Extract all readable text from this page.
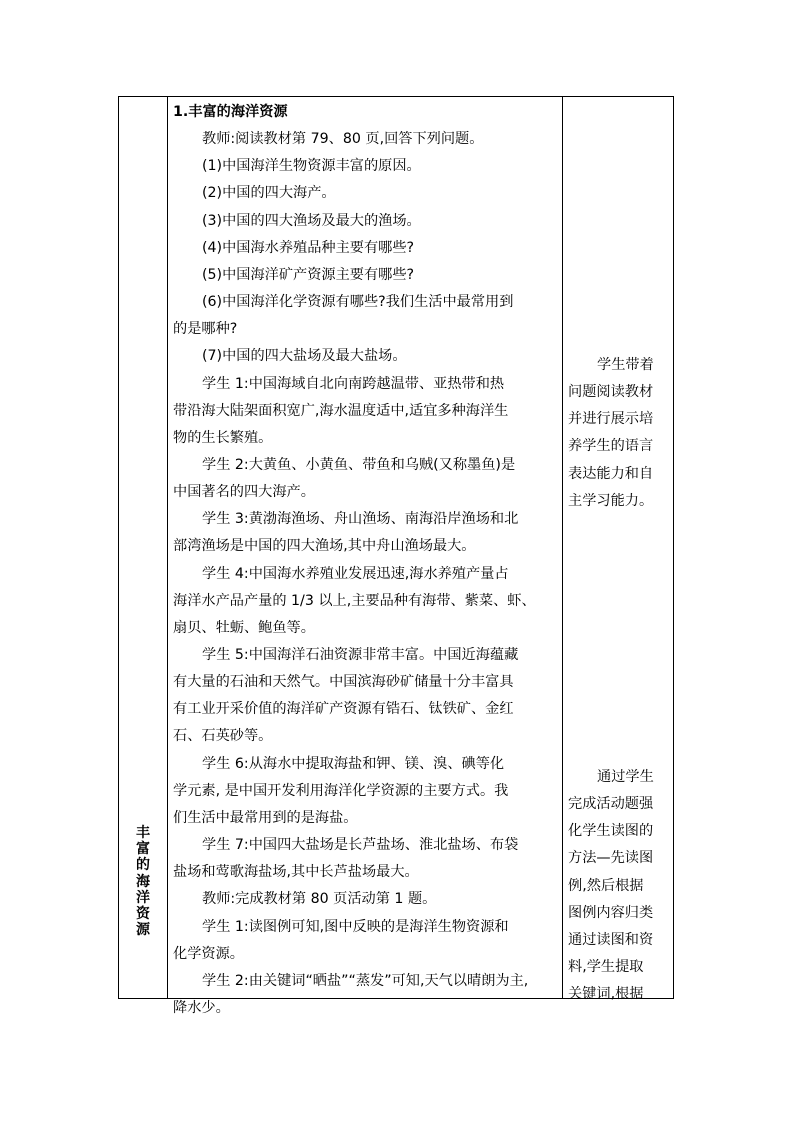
丰
富
的
海
洋
资
源
1.丰富的海洋资源
教师:阅读教材第 79、80 页,回答下列问题。
(1)中国海洋生物资源丰富的原因。
(2)中国的四大海产。
(3)中国的四大渔场及最大的渔场。
(4)中国海水养殖品种主要有哪些?
(5)中国海洋矿产资源主要有哪些?
(6)中国海洋化学资源有哪些?我们生活中最常用到
的是哪种?
(7)中国的四大盐场及最大盐场。
学生 1:中国海域自北向南跨越温带、亚热带和热
带沿海大陆架面积宽广,海水温度适中,适宜多种海洋生
物的生长繁殖。
学生 2:大黄鱼、小黄鱼、带鱼和乌贼(又称墨鱼)是
中国著名的四大海产。
学生 3:黄渤海渔场、舟山渔场、南海沿岸渔场和北
部湾渔场是中国的四大渔场,其中舟山渔场最大。
学生 4:中国海水养殖业发展迅速,海水养殖产量占
海洋水产品产量的 1/3 以上,主要品种有海带、紫菜、虾、
扇贝、牡蛎、鲍鱼等。
学生 5:中国海洋石油资源非常丰富。中国近海蕴藏
有大量的石油和天然气。中国滨海砂矿储量十分丰富具
有工业开采价值的海洋矿产资源有锆石、钛铁矿、金红
石、石英砂等。
学生 6:从海水中提取海盐和钾、镁、溴、碘等化
学元素, 是中国开发利用海洋化学资源的主要方式。我
们生活中最常用到的是海盐。
学生 7:中国四大盐场是长芦盐场、淮北盐场、布袋
盐场和莺歌海盐场,其中长芦盐场最大。
教师:完成教材第 80 页活动第 1 题。
学生 1:读图例可知,图中反映的是海洋生物资源和
化学资源。
学生 2:由关键词“晒盐”“蒸发”可知,天气以晴朗为主,
降水少。
学生带着
问题阅读教材
并进行展示培
养学生的语言
表达能力和自
主学习能力。
通过学生
完成活动题强
化学生读图的
方法—先读图
例,然后根据
图例内容归类
通过读图和资
料,学生提取
关键词,根据
